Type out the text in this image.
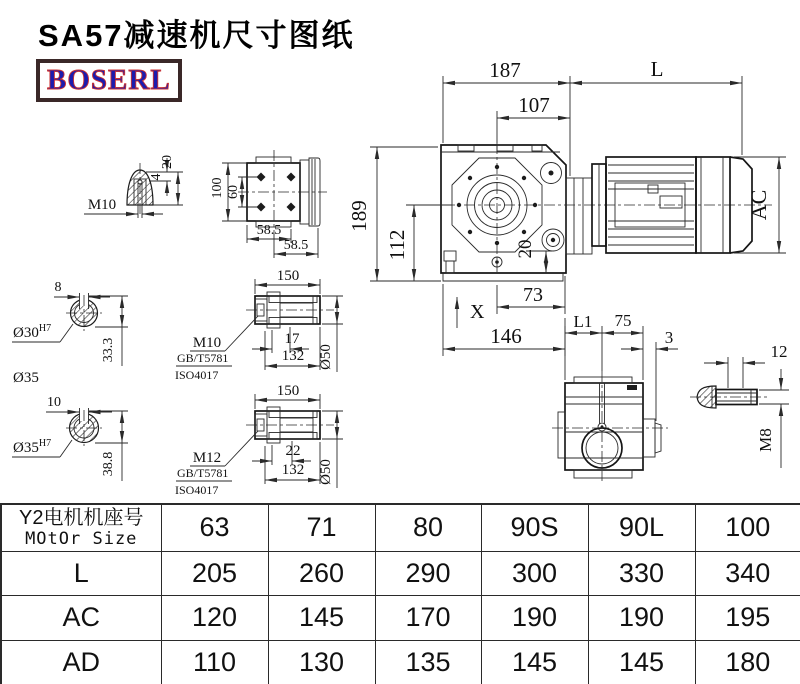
SA57减速机尺寸图纸
BOSERL	187	L
107
189
112	20
X
73
146
AC
4
20
M10
100 60
58.5
58.5
8
$Ø30^{H7}$
33.3
Ø35
10
$Ø35^{H7}$
38.8
150
17
132 Ø50
M10
GB/T5781
ISO4017
150
22
132 Ø50
M12
GB/T5781
ISO4017
L1 75
3
12
M8
Y2电机机座号
MOtOr Size	63	71	80	90S	90L	100
L	205	260	290	300	330	340
AC	120	145	170	190	190	195
AD	110	130	135	145	145	180
